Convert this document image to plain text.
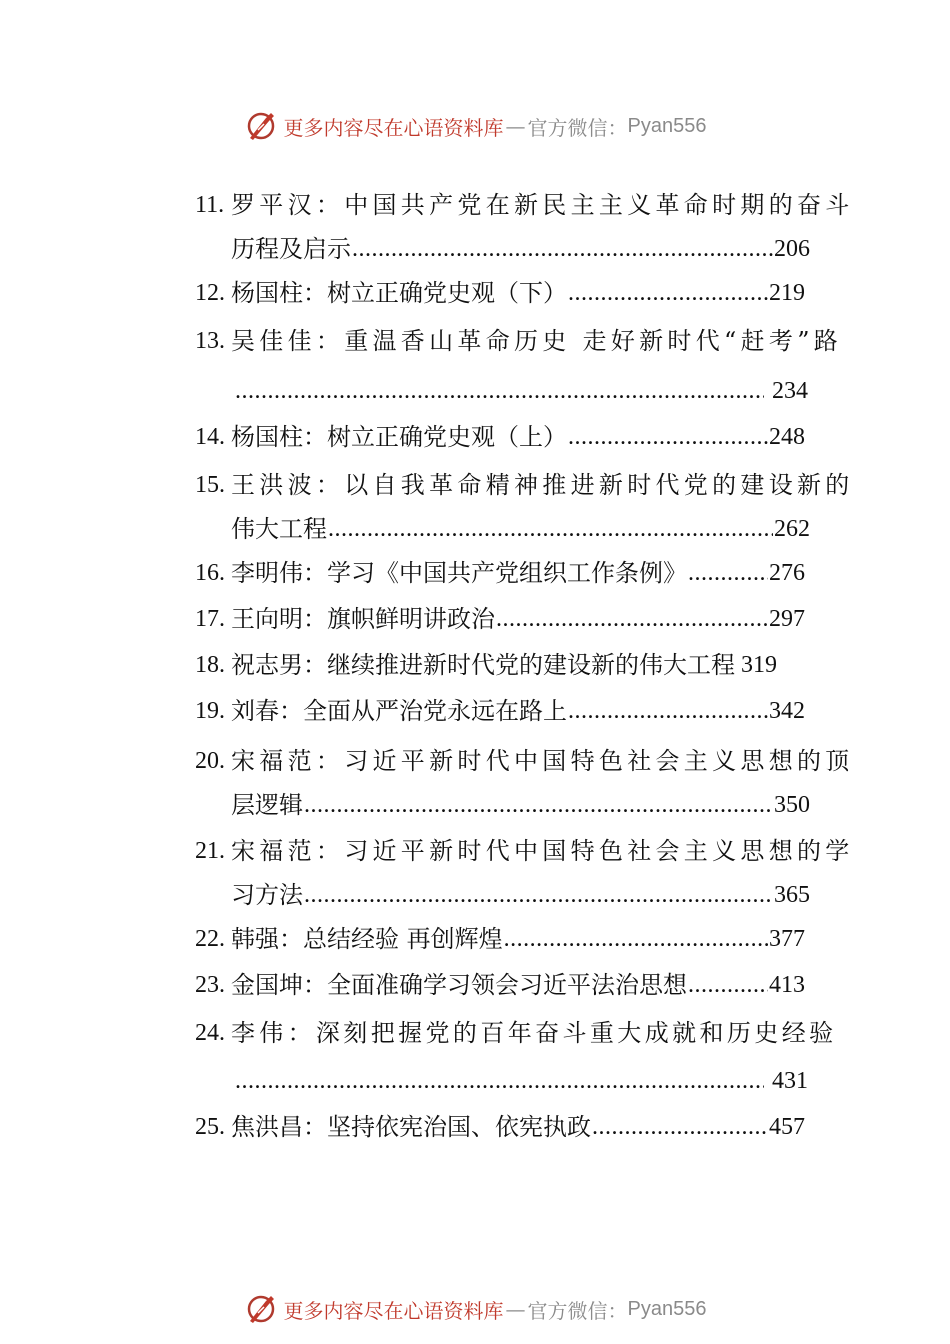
更多内容尽在心语资料库 — 官方微信： Pyan556
11. 罗平汉： 中国共产党在新民主主义革命时期的奋斗
历程及启示 .....	206
12. 杨国柱： 树立正确党史观（下） .....	219
13. 吴佳佳： 重温香山革命历史 走好新时代“赶考”路
.....
234
14. 杨国柱： 树立正确党史观（上） .....	248
15. 王洪波： 以自我革命精神推进新时代党的建设新的
伟大工程 .....	262
16. 李明伟： 学习《中国共产党组织工作条例》 .....	276
17. 王向明： 旗帜鲜明讲政治 .....	297
18. 祝志男： 继续推进新时代党的建设新的伟大工程 319
19. 刘春： 全面从严治党永远在路上 .....	342
20. 宋福范： 习近平新时代中国特色社会主义思想的顶
层逻辑 .....	350
21. 宋福范： 习近平新时代中国特色社会主义思想的学
习方法 .....	365
22. 韩强： 总结经验 再创辉煌 .....	377
23. 金国坤： 全面准确学习领会习近平法治思想 .....	413
24. 李伟： 深刻把握党的百年奋斗重大成就和历史经验
.....
431
25. 焦洪昌： 坚持依宪治国、依宪执政 .....	457
更多内容尽在心语资料库 — 官方微信： Pyan556
